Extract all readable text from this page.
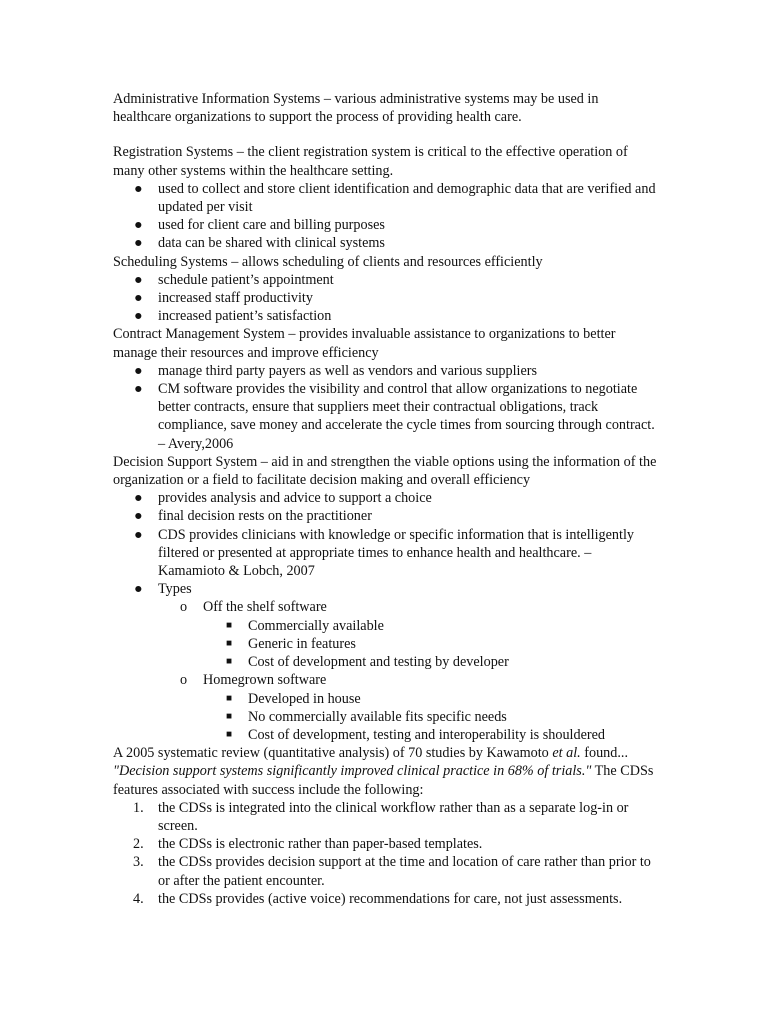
Administrative Information Systems – various administrative systems may be used in healthcare organizations to support the process of providing health care.

Registration Systems – the client registration system is critical to the effective operation of many other systems within the healthcare setting.

● used to collect and store client identification and demographic data that are verified and updated per visit
● used for client care and billing purposes
● data can be shared with clinical systems

Scheduling Systems – allows scheduling of clients and resources efficiently

● schedule patient’s appointment
● increased staff productivity
● increased patient’s satisfaction

Contract Management System – provides invaluable assistance to organizations to better manage their resources and improve efficiency

● manage third party payers as well as vendors and various suppliers
● CM software provides the visibility and control that allow organizations to negotiate better contracts, ensure that suppliers meet their contractual obligations, track compliance, save money and accelerate the cycle times from sourcing through contract. – Avery,2006

Decision Support System – aid in and strengthen the viable options using the information of the organization or a field to facilitate decision making and overall efficiency

● provides analysis and advice to support a choice
● final decision rests on the practitioner
● CDS provides clinicians with knowledge or specific information that is intelligently filtered or presented at appropriate times to enhance health and healthcare. – Kamamioto & Lobch, 2007
● Types
o Off the shelf software
■ Commercially available
■ Generic in features
■ Cost of development and testing by developer
o Homegrown software
■ Developed in house
■ No commercially available fits specific needs
■ Cost of development, testing and interoperability is shouldered

A 2005 systematic review (quantitative analysis) of 70 studies by Kawamoto et al. found... "Decision support systems significantly improved clinical practice in 68% of trials." The CDSs features associated with success include the following:

1. the CDSs is integrated into the clinical workflow rather than as a separate log-in or screen.
2. the CDSs is electronic rather than paper-based templates.
3. the CDSs provides decision support at the time and location of care rather than prior to or after the patient encounter.
4. the CDSs provides (active voice) recommendations for care, not just assessments.
